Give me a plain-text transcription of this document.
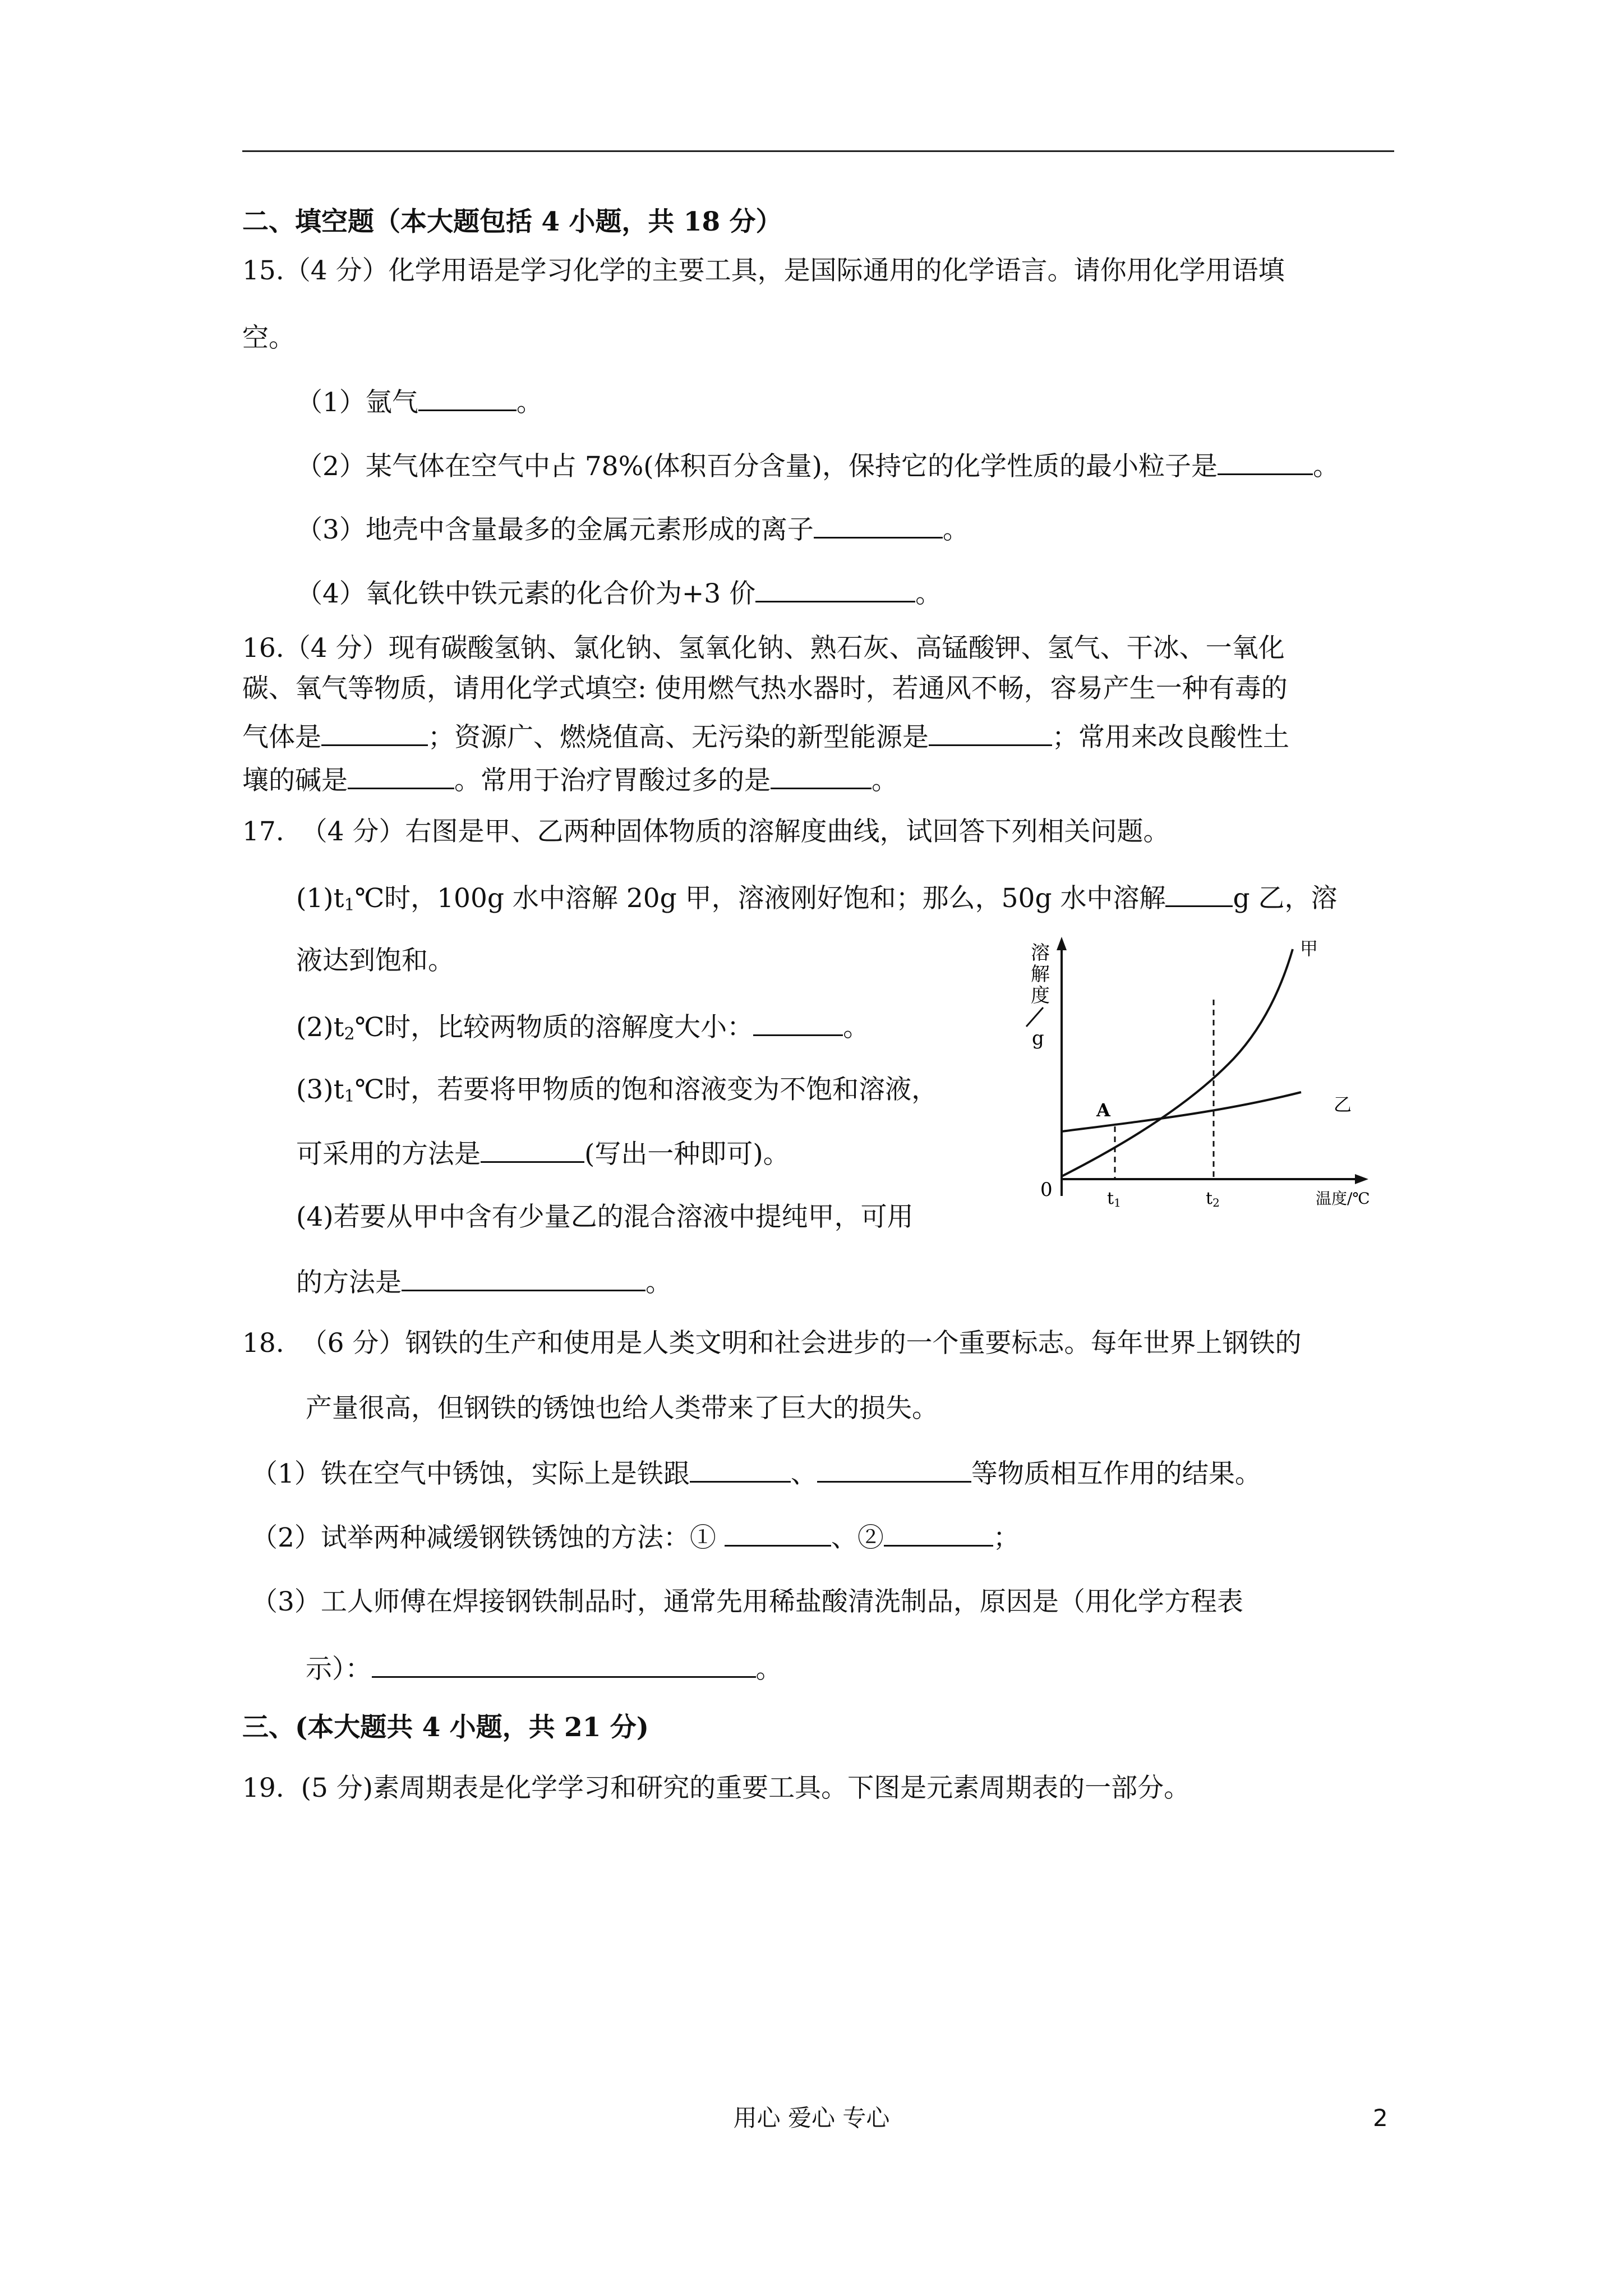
二、填空题（本大题包括 4 小题，共 18 分）
15.（4 分）化学用语是学习化学的主要工具，是国际通用的化学语言。请你用化学用语填
空。
（1）氩气	。
（2）某气体在空气中占 78%(体积百分含量)，保持它的化学性质的最小粒子是	。
（3）地壳中含量最多的金属元素形成的离子	。
（4）氧化铁中铁元素的化合价为+3 价	。
16.（4 分）现有碳酸氢钠、氯化钠、氢氧化钠、熟石灰、高锰酸钾、氢气、干冰、一氧化
碳、氧气等物质，请用化学式填空: 使用燃气热水器时，若通风不畅，容易产生一种有毒的
气体是	；资源广、燃烧值高、无污染的新型能源是	；常用来改良酸性土
壤的碱是	。常用于治疗胃酸过多的是	。
17.  （4 分）右图是甲、乙两种固体物质的溶解度曲线，试回答下列相关问题。
$(1)t_1℃$时，100g 水中溶解 20g 甲，溶液刚好饱和；那么，50g 水中溶解	g 乙，溶
液达到饱和。
$(2)t_2℃$时，比较两物质的溶解度大小：	。
$(3)t_1℃$时，若要将甲物质的饱和溶液变为不饱和溶液，
可采用的方法是	(写出一种即可)。
(4)若要从甲中含有少量乙的混合溶液中提纯甲，可用
的方法是	。
溶
解
度
g
甲
乙
A
0	t1	t2	温度/℃
18.  （6 分）钢铁的生产和使用是人类文明和社会进步的一个重要标志。每年世界上钢铁的
产量很高，但钢铁的锈蚀也给人类带来了巨大的损失。
（1）铁在空气中锈蚀，实际上是铁跟	、	等物质相互作用的结果。
（2）试举两种减缓钢铁锈蚀的方法：①	、②	；
（3）工人师傅在焊接钢铁制品时，通常先用稀盐酸清洗制品，原因是（用化学方程表
示）：	。
三、(本大题共 4 小题，共 21 分)
19.  (5 分)素周期表是化学学习和研究的重要工具。下图是元素周期表的一部分。
用心 爱心 专心	2
